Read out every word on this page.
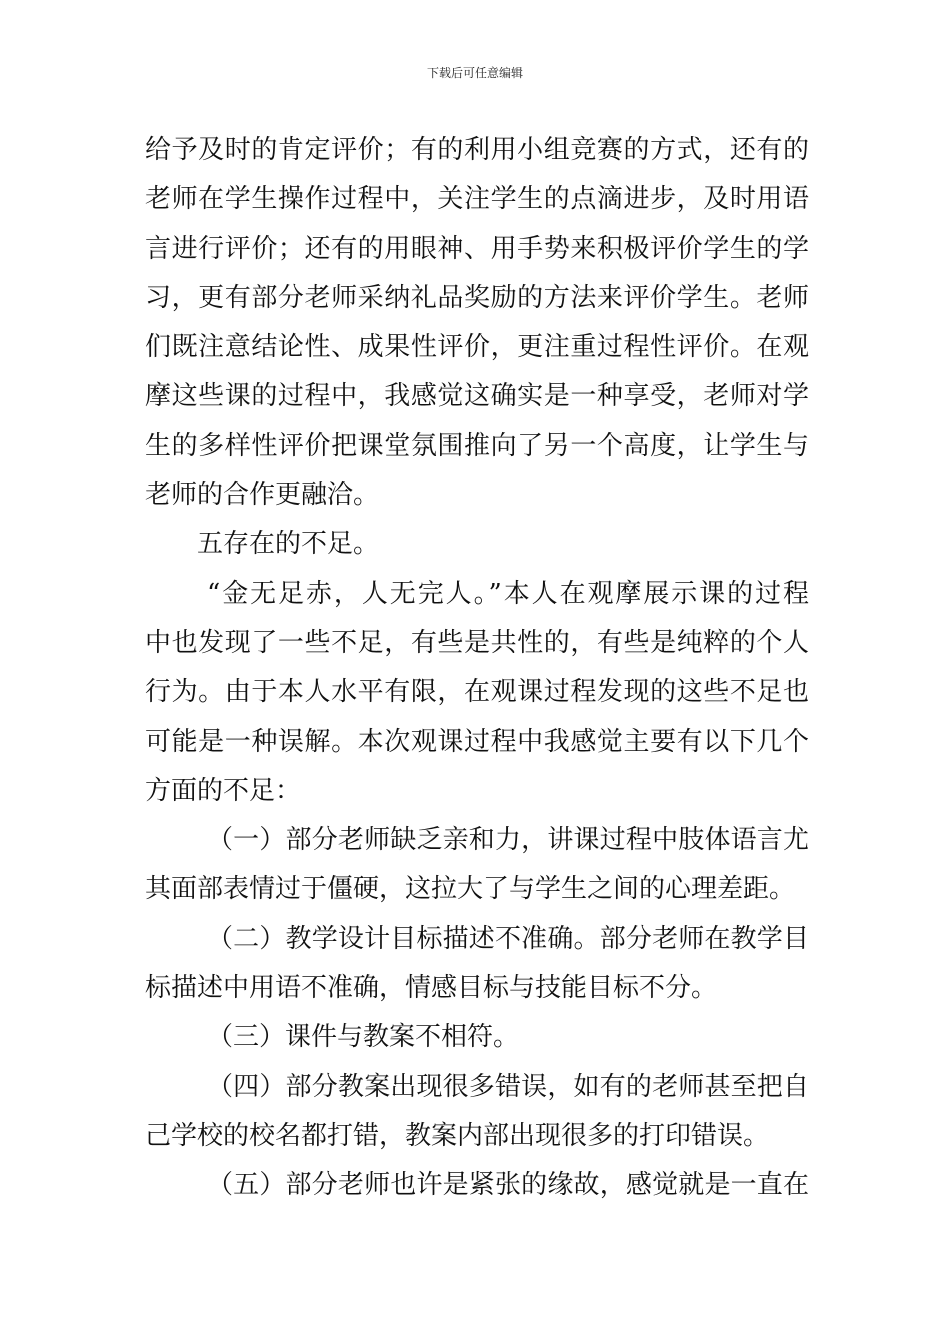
下载后可任意编辑
给予及时的肯定评价；有的利用小组竞赛的方式，还有的
老师在学生操作过程中，关注学生的点滴进步，及时用语
言进行评价；还有的用眼神、用手势来积极评价学生的学
习，更有部分老师采纳礼品奖励的方法来评价学生。老师
们既注意结论性、成果性评价，更注重过程性评价。在观
摩这些课的过程中，我感觉这确实是一种享受，老师对学
生的多样性评价把课堂氛围推向了另一个高度，让学生与
老师的合作更融洽。
五存在的不足。
“金无足赤，人无完人。”本人在观摩展示课的过程
中也发现了一些不足，有些是共性的，有些是纯粹的个人
行为。由于本人水平有限，在观课过程发现的这些不足也
可能是一种误解。本次观课过程中我感觉主要有以下几个
方面的不足：
（一）部分老师缺乏亲和力，讲课过程中肢体语言尤
其面部表情过于僵硬，这拉大了与学生之间的心理差距。
（二）教学设计目标描述不准确。部分老师在教学目
标描述中用语不准确，情感目标与技能目标不分。
（三）课件与教案不相符。
（四）部分教案出现很多错误，如有的老师甚至把自
己学校的校名都打错，教案内部出现很多的打印错误。
（五）部分老师也许是紧张的缘故，感觉就是一直在
